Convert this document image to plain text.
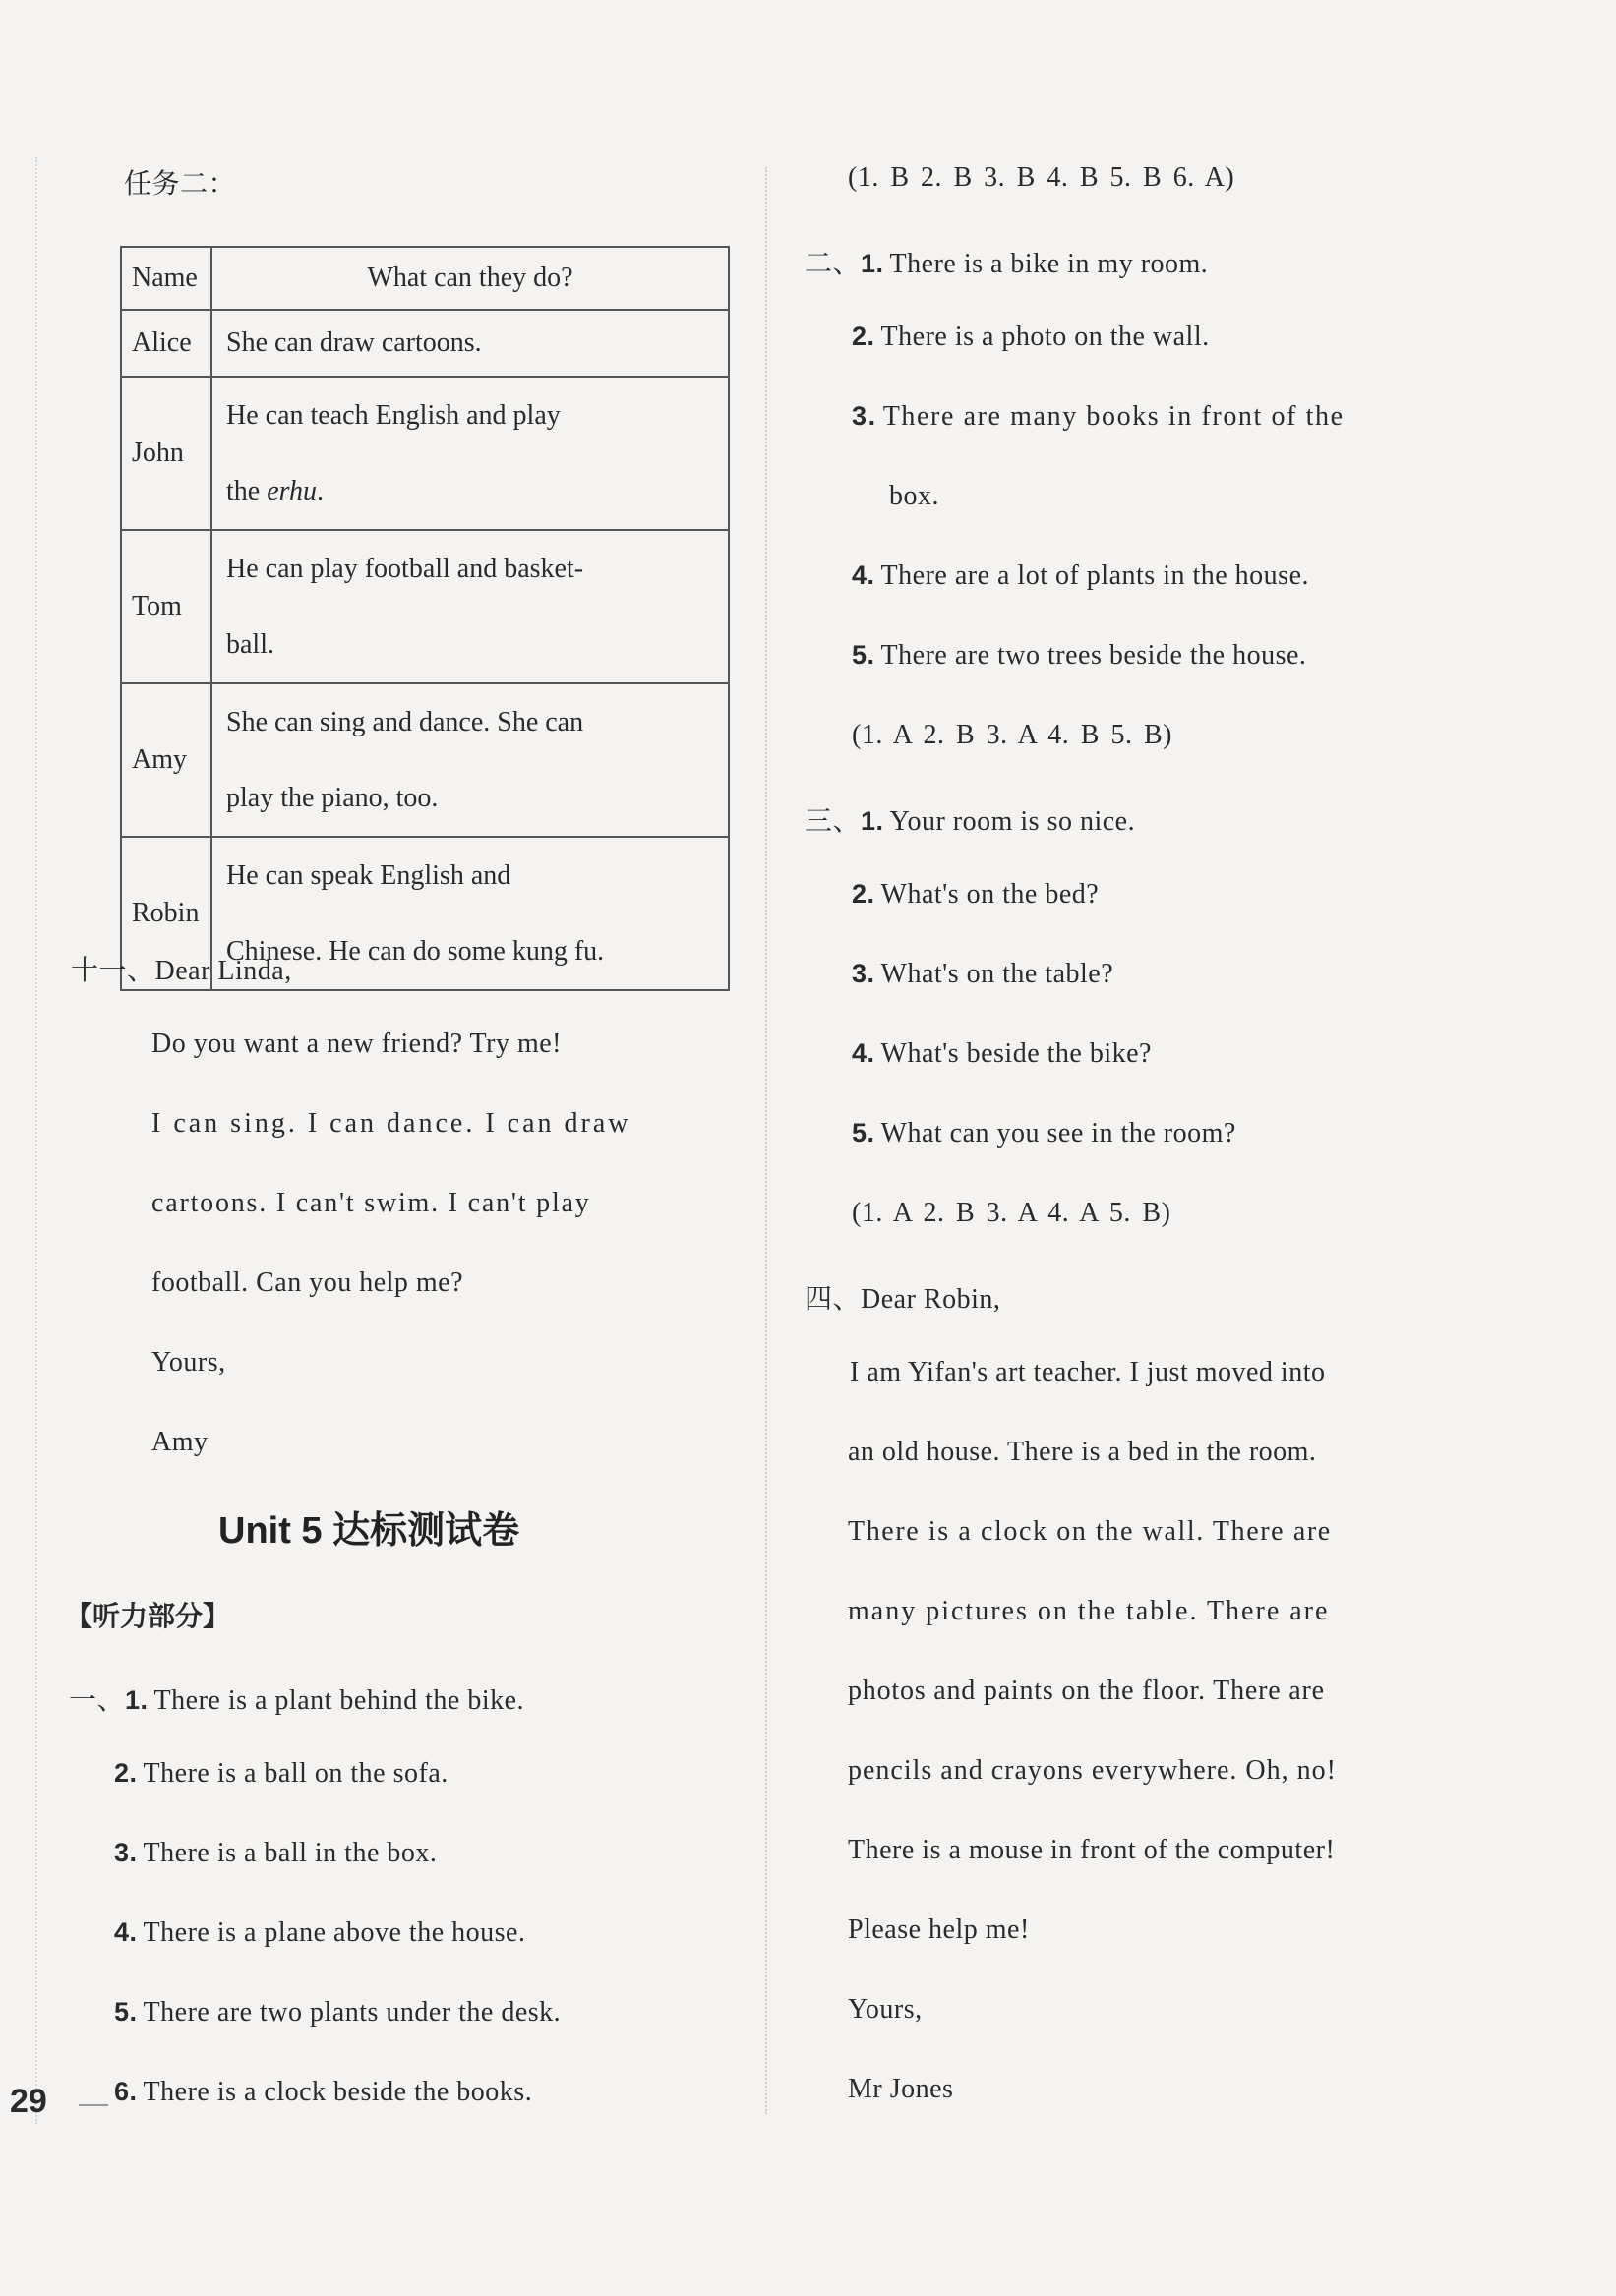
任务二：
Name	What can they do?
Alice	She can draw cartoons.
John	He can teach English and play
the erhu.

Tom	He can play football and basket-
ball.

Amy	She can sing and dance. She can
play the piano, too.

Robin	He can speak English and
Chinese. He can do some kung fu.
十一、Dear Linda,
Do you want a new friend? Try me!
I can sing. I can dance. I can draw
cartoons. I can't swim. I can't play
football. Can you help me?
Yours,
Amy
Unit 5 达标测试卷
【听力部分】
一、1. There is a plant behind the bike.
2. There is a ball on the sofa.
3. There is a ball in the box.
4. There is a plane above the house.
5. There are two plants under the desk.
6. There is a clock beside the books.
29
(1. B 2. B 3. B 4. B 5. B 6. A)
二、1. There is a bike in my room.
2. There is a photo on the wall.
3. There are many books in front of the
box.
4. There are a lot of plants in the house.
5. There are two trees beside the house.
(1. A 2. B 3. A 4. B 5. B)
三、1. Your room is so nice.
2. What's on the bed?
3. What's on the table?
4. What's beside the bike?
5. What can you see in the room?
(1. A 2. B 3. A 4. A 5. B)
四、Dear Robin,
I am Yifan's art teacher. I just moved into
an old house. There is a bed in the room.
There is a clock on the wall. There are
many pictures on the table. There are
photos and paints on the floor. There are
pencils and crayons everywhere. Oh, no!
There is a mouse in front of the computer!
Please help me!
Yours,
Mr Jones
